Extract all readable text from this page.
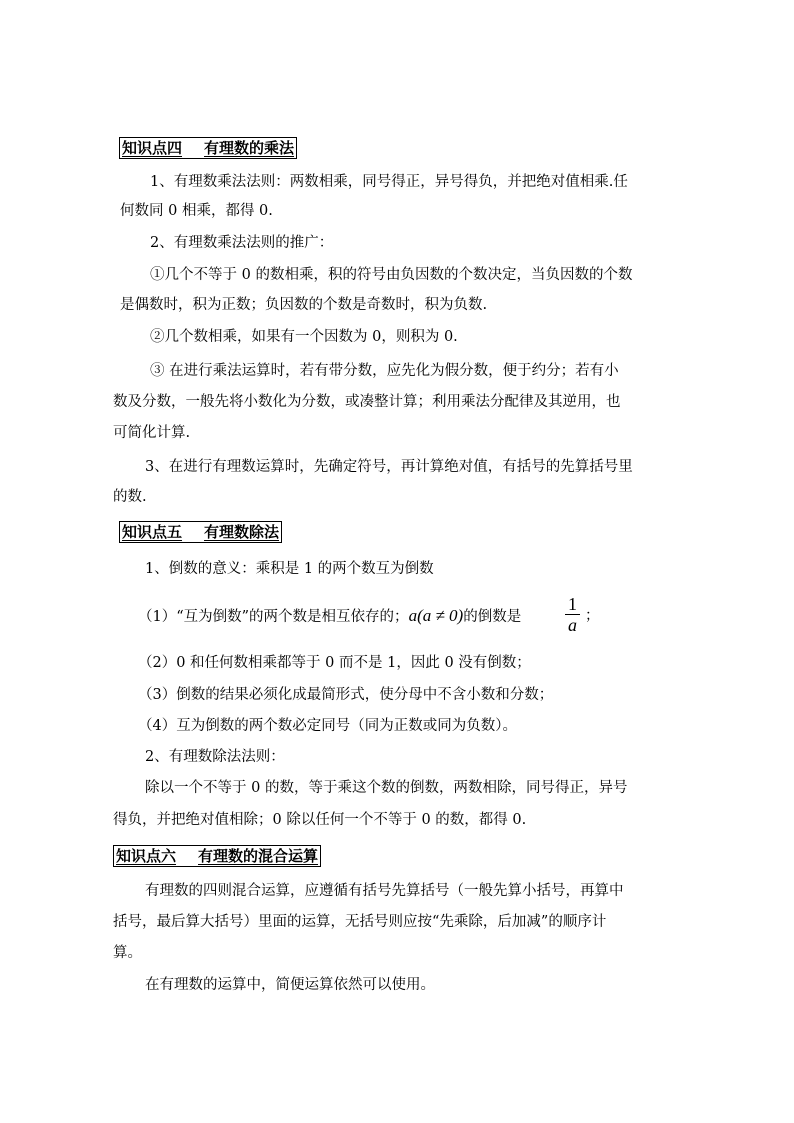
知识点四 有理数的乘法
1、有理数乘法法则：两数相乘，同号得正，异号得负，并把绝对值相乘.任
何数同 0 相乘，都得 0.
2、有理数乘法法则的推广：
①几个不等于 0 的数相乘，积的符号由负因数的个数决定，当负因数的个数
是偶数时，积为正数；负因数的个数是奇数时，积为负数.
②几个数相乘，如果有一个因数为 0，则积为 0.
③ 在进行乘法运算时，若有带分数，应先化为假分数，便于约分；若有小
数及分数，一般先将小数化为分数，或凑整计算；利用乘法分配律及其逆用，也
可简化计算.
3、在进行有理数运算时，先确定符号，再计算绝对值，有括号的先算括号里
的数.
知识点五 有理数除法
1、倒数的意义：乘积是 1 的两个数互为倒数
（1）“互为倒数”的两个数是相互依存的；a(a ≠ 0)的倒数是 $\frac{1}{a}$ ；
（2）0 和任何数相乘都等于 0 而不是 1，因此 0 没有倒数；
（3）倒数的结果必须化成最简形式，使分母中不含小数和分数；
（4）互为倒数的两个数必定同号（同为正数或同为负数）。
2、有理数除法法则：
除以一个不等于 0 的数，等于乘这个数的倒数，两数相除，同号得正，异号
得负，并把绝对值相除；0 除以任何一个不等于 0 的数，都得 0.
知识点六 有理数的混合运算
有理数的四则混合运算，应遵循有括号先算括号（一般先算小括号，再算中
括号，最后算大括号）里面的运算，无括号则应按“先乘除，后加减”的顺序计
算。
在有理数的运算中，简便运算依然可以使用。
